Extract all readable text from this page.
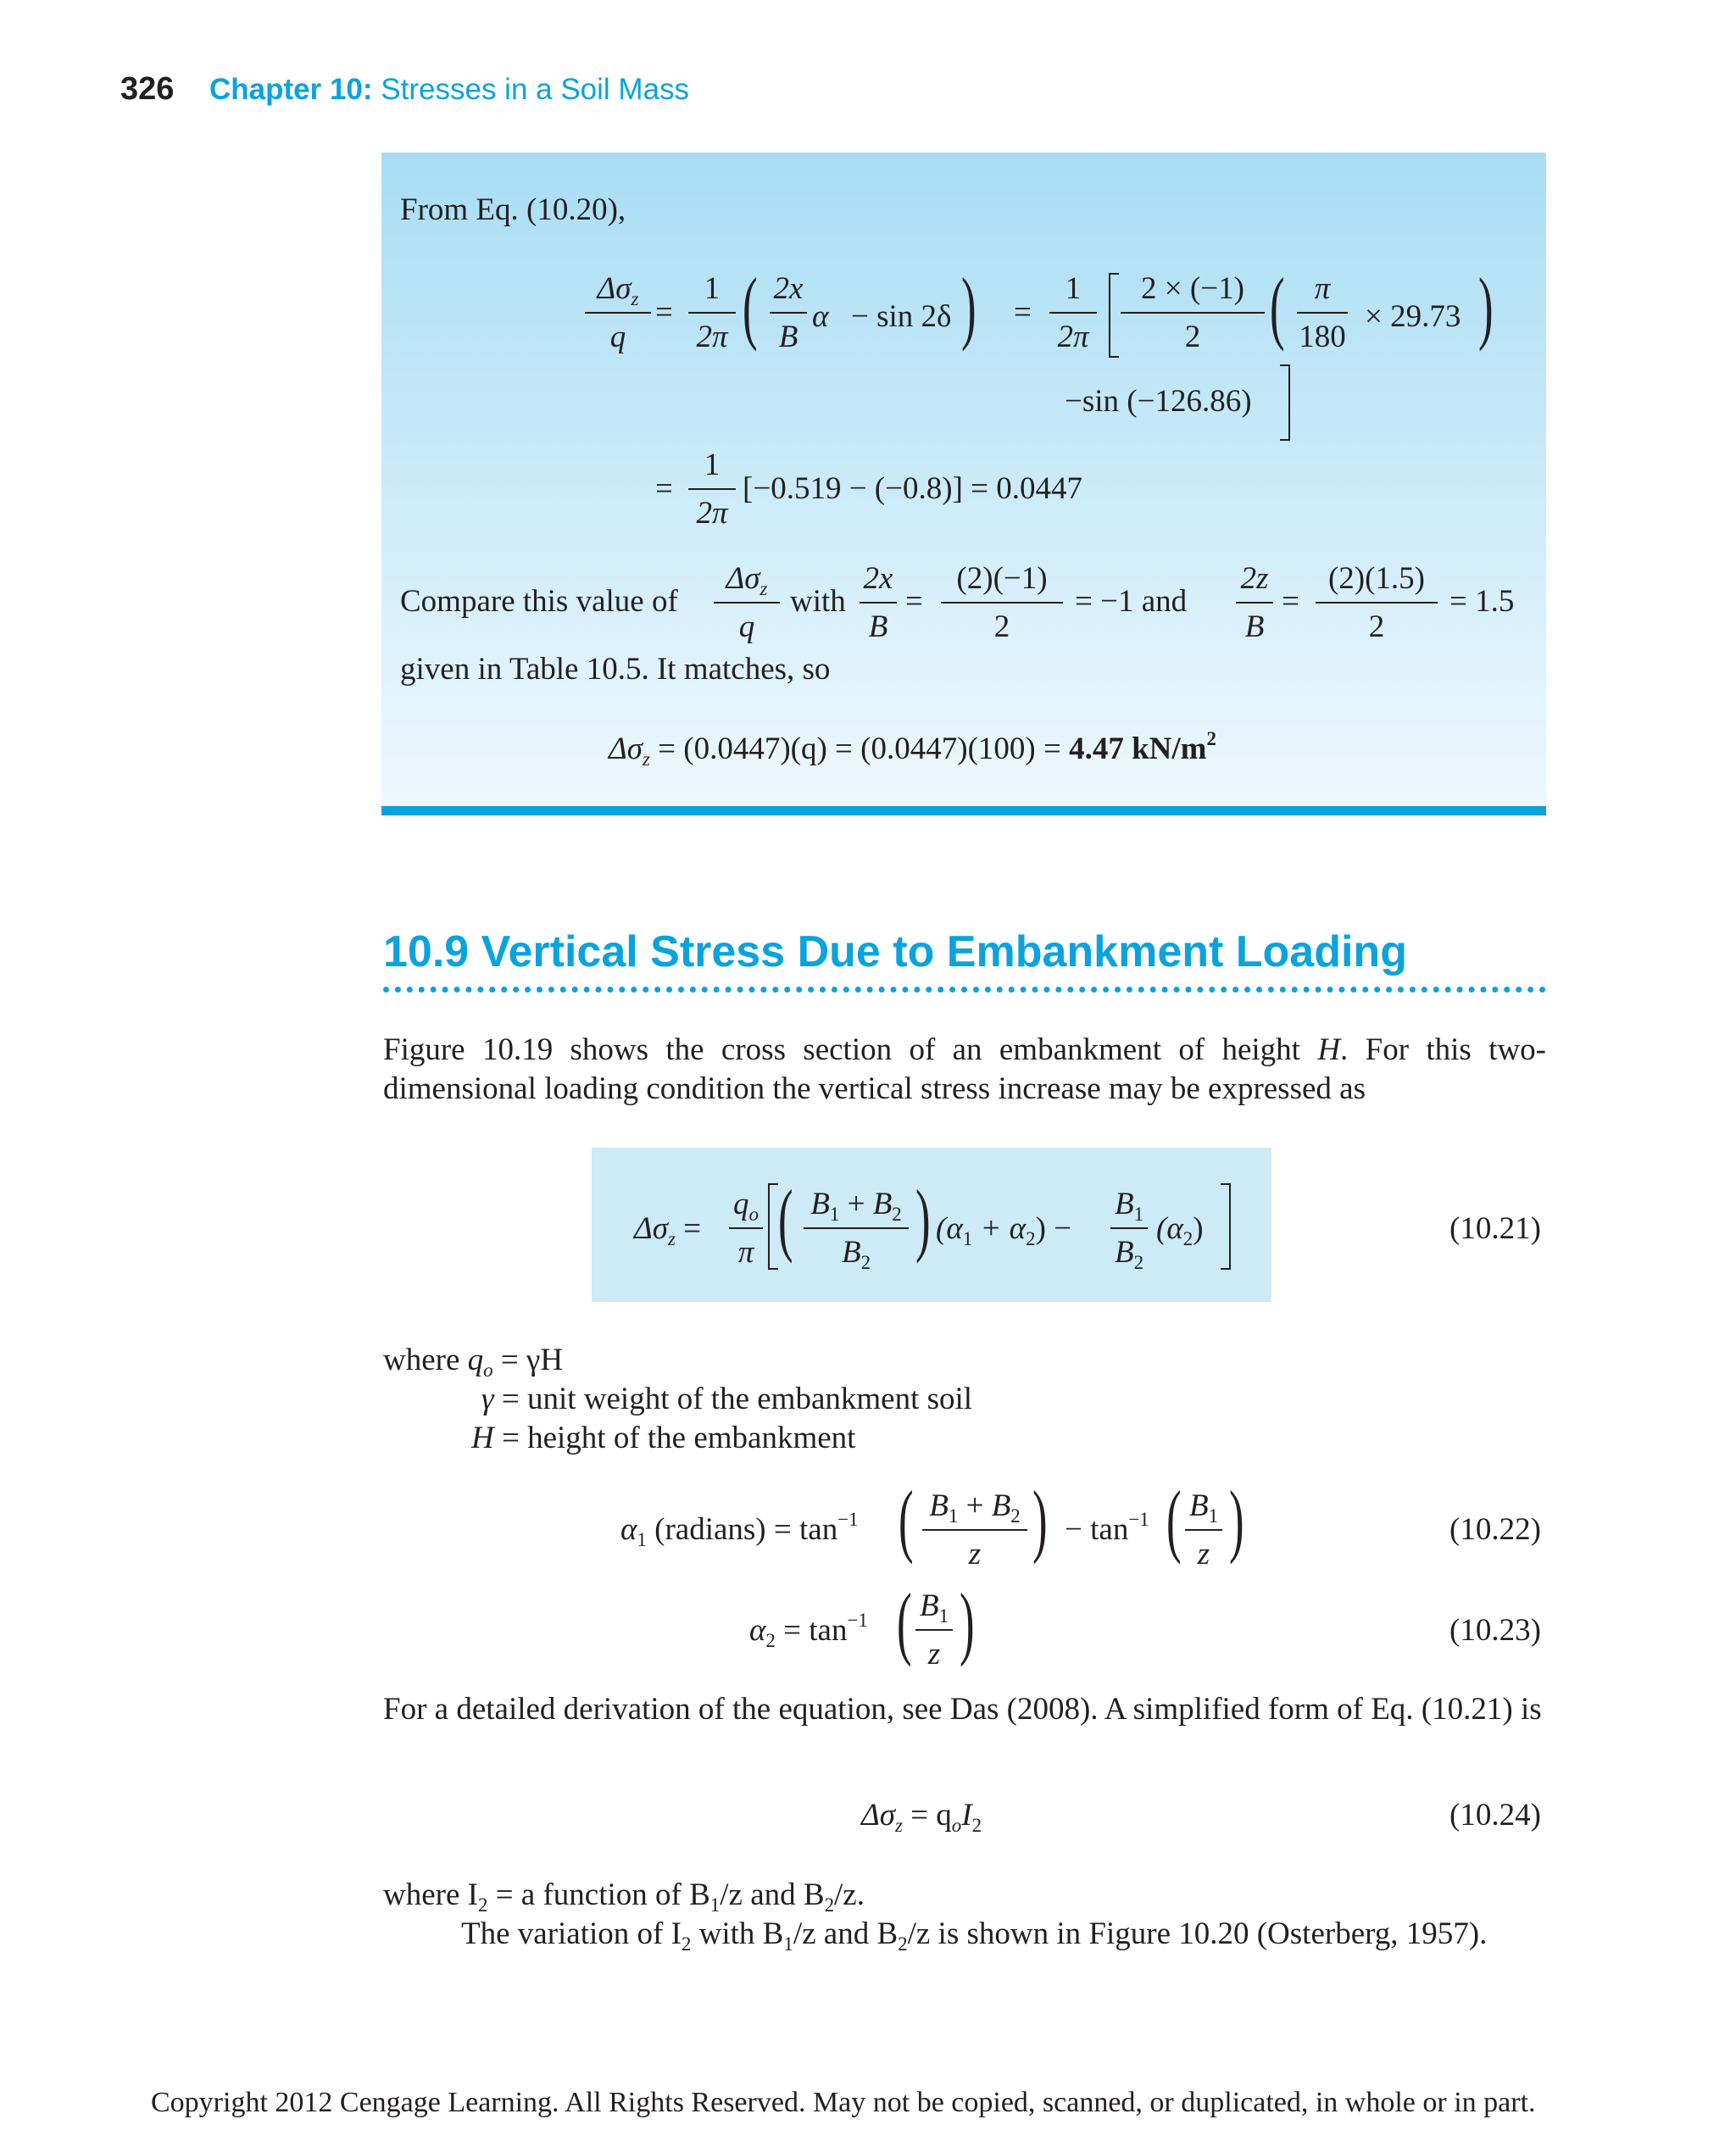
326 Chapter 10: Stresses in a Soil Mass
From Eq. (10.20),
$\Delta\sigma_z$
q
=
1
2π ( 2x
B
α − sin 2δ ) =
1
2π
2 × (−1)
2 ( π
180
× 29.73 )
−sin (−126.86)
=
1
2π
[−0.519 − (−0.8)] = 0.0447
Compare this value of
$\Delta\sigma_z$
q
with
2x
B
=
(2)(−1)
2
= −1 and
2z
B
=
(2)(1.5)
2
= 1.5
given in Table 10.5. It matches, so
$\Delta\sigma_z = (0.0447)(q) = (0.0447)(100) = 4.47$ $kN/m^2$
10.9 Vertical Stress Due to Embankment Loading
Figure 10.19 shows the cross section of an embankment of height H. For this two-dimensional loading condition the vertical stress increase may be expressed as
$\Delta\sigma_z$ =
$q_o$
π ( $B_1 + B_2$
$B_2$ ) $(\alpha_1 + \alpha_2)$ −
$B_1$
$B_2$
$(\alpha_2)$	(10.21)
where $q_o = \gamma H$
γ = unit weight of the embankment soil
H = height of the embankment
$\alpha_1$ (radians) = $\tan^{-1}$ ( $B_1 + B_2$
z ) − $\tan^{-1}$ ( $B_1$
z )	(10.22)
$\alpha_2 = \tan^{-1}$ ( $B_1$
z )	(10.23)
For a detailed derivation of the equation, see Das (2008). A simplified form of Eq. (10.21) is
$\Delta\sigma_z = q_oI_2$	(10.24)
where $I_2 = a$ function of $B_1/z$ and $B_2/z$.
The variation of $I_2$ with $B_1/z$ and $B_2/z$ is shown in Figure 10.20 (Osterberg, 1957).
Copyright 2012 Cengage Learning. All Rights Reserved. May not be copied, scanned, or duplicated, in whole or in part.
